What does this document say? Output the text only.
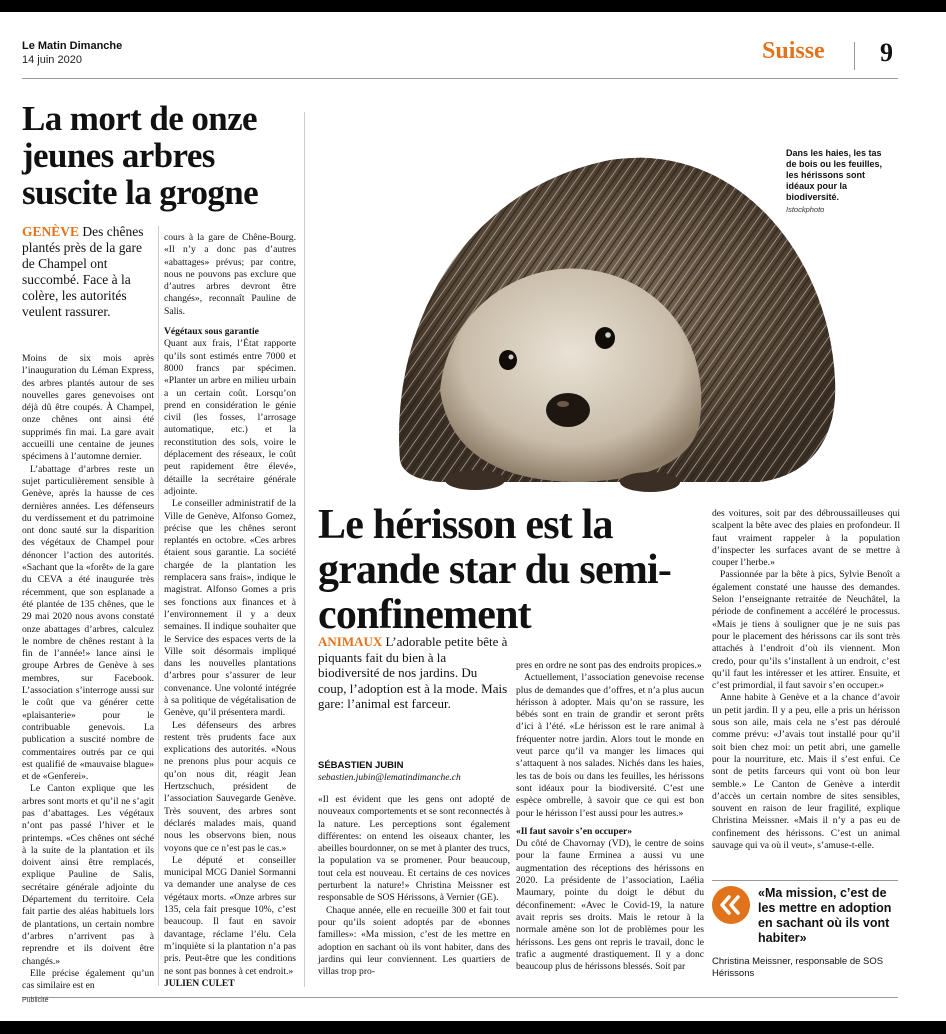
Le Matin Dimanche
14 juin 2020	Suisse 9
La mort de onze jeunes arbres suscite la grogne
GENÈVE Des chênes plantés près de la gare de Champel ont succombé. Face à la colère, les autorités veulent rassurer.

Moins de six mois après l’inauguration du Léman Express, des arbres plantés autour de ses nouvelles gares genevoises ont déjà dû être coupés. À Champel, onze chênes ont ainsi été supprimés fin mai. La gare avait accueilli une centaine de jeunes spécimens à l’automne dernier.

L’abattage d’arbres reste un sujet particulièrement sensible à Genève, après la hausse de ces dernières années. Les défenseurs du verdissement et du patrimoine ont donc sauté sur la disparition des végétaux de Champel pour dénoncer l’action des autorités. «Sachant que la «forêt» de la gare du CEVA a été inaugurée très récemment, que son esplanade a été plantée de 135 chênes, que le 29 mai 2020 nous avons constaté onze abattages d’arbres, calculez le nombre de chênes restant à la fin de l’année!» lance ainsi le groupe Arbres de Genève à ses membres, sur Facebook. L’association s’interroge aussi sur le coût que va générer cette «plaisanterie» pour le contribuable genevois. La publication a suscité nombre de commentaires outrés par ce qui est qualifié de «mauvaise blague» et de «Genferei».

Le Canton explique que les arbres sont morts et qu’il ne s’agit pas d’abattages. Les végétaux n’ont pas passé l’hiver et le printemps. «Ces chênes ont séché à la suite de la plantation et ils doivent ainsi être remplacés, explique Pauline de Salis, secrétaire générale adjointe du Département du territoire. Cela fait partie des aléas habituels lors de plantations, un certain nombre d’arbres n’arrivent pas à reprendre et ils doivent être changés.»

Elle précise également qu’un cas similaire est en

cours à la gare de Chêne-Bourg. «Il n’y a donc pas d’autres «abattages» prévus; par contre, nous ne pouvons pas exclure que d’autres arbres devront être changés», reconnaît Pauline de Salis.

Végétaux sous garantie

Quant aux frais, l’État rapporte qu’ils sont estimés entre 7000 et 8000 francs par spécimen. «Planter un arbre en milieu urbain a un certain coût. Lorsqu’on prend en considération le génie civil (les fosses, l’arrosage automatique, etc.) et la reconstitution des sols, voire le déplacement des réseaux, le coût peut rapidement être élevé», détaille la secrétaire générale adjointe.

Le conseiller administratif de la Ville de Genève, Alfonso Gomez, précise que les chênes seront replantés en octobre. «Ces arbres étaient sous garantie. La société chargée de la plantation les remplacera sans frais», indique le magistrat. Alfonso Gomes a pris ses fonctions aux finances et à l’environnement il y a deux semaines. Il indique souhaiter que le Service des espaces verts de la Ville soit désormais impliqué dans les nouvelles plantations d’arbres pour s’assurer de leur convenance. Une volonté intégrée à sa politique de végétalisation de Genève, qu’il présentera mardi.

Les défenseurs des arbres restent très prudents face aux explications des autorités. «Nous ne prenons plus pour acquis ce qu’on nous dit, réagit Jean Hertzschuch, président de l’association Sauvegarde Genève. Très souvent, des arbres sont déclarés malades mais, quand nous les observons bien, nous voyons que ce n’est pas le cas.»

Le député et conseiller municipal MCG Daniel Sormanni va demander une analyse de ces végétaux morts. «Onze arbres sur 135, cela fait presque 10%, c’est beaucoup. Il faut en savoir davantage, réclame l’élu. Cela m’inquiète si la plantation n’a pas pris. Peut-être que les conditions ne sont pas bonnes à cet endroit.»

JULIEN CULET

Dans les haies, les tas de bois ou les feuilles, les hérissons sont idéaux pour la biodiversité.
Istockphoto
Le hérisson est la grande star du semi-confinement
ANIMAUX L’adorable petite bête à piquants fait du bien à la biodiversité de nos jardins. Du coup, l’adoption est à la mode. Mais gare: l’animal est farceur.
SÉBASTIEN JUBIN
sebastien.jubin@lematindimanche.ch

«Il est évident que les gens ont adopté de nouveaux comportements et se sont reconnectés à la nature. Les perceptions sont également différentes: on entend les oiseaux chanter, les abeilles bourdonner, on se met à planter des trucs, la population va se promener. Pour beaucoup, tout cela est nouveau. Et certains de ces novices perturbent la nature!» Christina Meissner est responsable de SOS Hérissons, à Vernier (GE).

Chaque année, elle en recueille 300 et fait tout pour qu’ils soient adoptés par de «bonnes familles»: «Ma mission, c’est de les mettre en adoption en sachant où ils vont habiter, dans des jardins qui leur conviennent. Les quartiers de villas trop pro-

pres en ordre ne sont pas des endroits propices.»

Actuellement, l’association genevoise recense plus de demandes que d’offres, et n’a plus aucun hérisson à adopter. Mais qu’on se rassure, les bébés sont en train de grandir et seront prêts d’ici à l’été. «Le hérisson est le rare animal à fréquenter notre jardin. Alors tout le monde en veut parce qu’il va manger les limaces qui s’attaquent à nos salades. Nichés dans les haies, les tas de bois ou dans les feuilles, les hérissons sont idéaux pour la biodiversité. C’est une espèce ombrelle, à savoir que ce qui est bon pour le hérisson l’est aussi pour les autres.»

«Il faut savoir s’en occuper»

Du côté de Chavornay (VD), le centre de soins pour la faune Erminea a aussi vu une augmentation des réceptions des hérissons en 2020. La présidente de l’association, Laélia Maumary, pointe du doigt le début du déconfinement: «Avec le Covid-19, la nature avait repris ses droits. Mais le retour à la normale amène son lot de problèmes pour les hérissons. Les gens ont repris le travail, donc le trafic a augmenté drastiquement. Il y a donc beaucoup plus de hérissons blessés. Soit par

des voitures, soit par des débroussailleuses qui scalpent la bête avec des plaies en profondeur. Il faut vraiment rappeler à la population d’inspecter les surfaces avant de se mettre à couper l’herbe.»

Passionnée par la bête à pics, Sylvie Benoît a également constaté une hausse des demandes. Selon l’enseignante retraitée de Neuchâtel, la période de confinement a accéléré le processus. «Mais je tiens à souligner que je ne suis pas pour le placement des hérissons car ils sont très attachés à l’endroit d’où ils viennent. Mon credo, pour qu’ils s’installent à un endroit, c’est qu’il faut les intéresser et les attirer. Ensuite, et c’est primordial, il faut savoir s’en occuper.»

Anne habite à Genève et a la chance d’avoir un petit jardin. Il y a peu, elle a pris un hérisson sous son aile, mais cela ne s’est pas déroulé comme prévu: «J’avais tout installé pour qu’il soit bien chez moi: un petit abri, une gamelle pour la nourriture, etc. Mais il s’est enfui. Ce sont de petits farceurs qui vont où bon leur semble.» Le Canton de Genève a interdit d’accès un certain nombre de sites sensibles, souvent en raison de leur fragilité, explique Christina Meissner. «Mais il n’y a pas eu de confinement des hérissons. C’est un animal sauvage qui va où il veut», s’amuse-t-elle.

«Ma mission, c’est de les mettre en adoption en sachant où ils vont habiter»
Christina Meissner, responsable de SOS Hérissons
Publicité
